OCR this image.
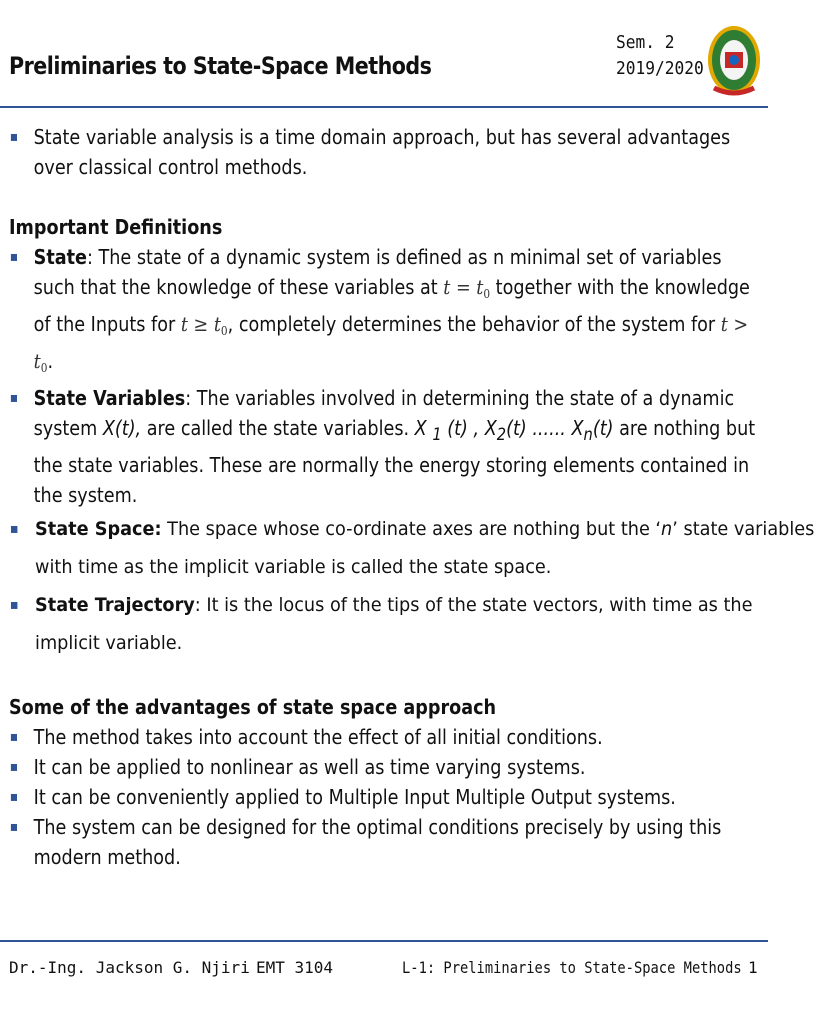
Preliminaries to State-Space Methods
Sem. 2
2019/2020
▪ State variable analysis is a time domain approach, but has several advantages over classical control methods.
Important Definitions
▪ State: The state of a dynamic system is defined as n minimal set of variables such that the knowledge of these variables at $t = t_0$ together with the knowledge of the Inputs for $t \ge t_0$, completely determines the behavior of the system for $t > t_0$.
▪ State Variables: The variables involved in determining the state of a dynamic system X(t), are called the state variables. X $_1$ (t) , $X_2(t)$ ...... $X_n(t)$ are nothing but the state variables. These are normally the energy storing elements contained in the system.
▪ State Space: The space whose co-ordinate axes are nothing but the ‘n’ state variables with time as the implicit variable is called the state space.
▪ State Trajectory: It is the locus of the tips of the state vectors, with time as the implicit variable.
Some of the advantages of state space approach
▪ The method takes into account the effect of all initial conditions.
▪ It can be applied to nonlinear as well as time varying systems.
▪ It can be conveniently applied to Multiple Input Multiple Output systems.
▪ The system can be designed for the optimal conditions precisely by using this modern method.
Dr.-Ing. Jackson G. Njiri EMT 3104	L-1: Preliminaries to State-Space Methods 1
